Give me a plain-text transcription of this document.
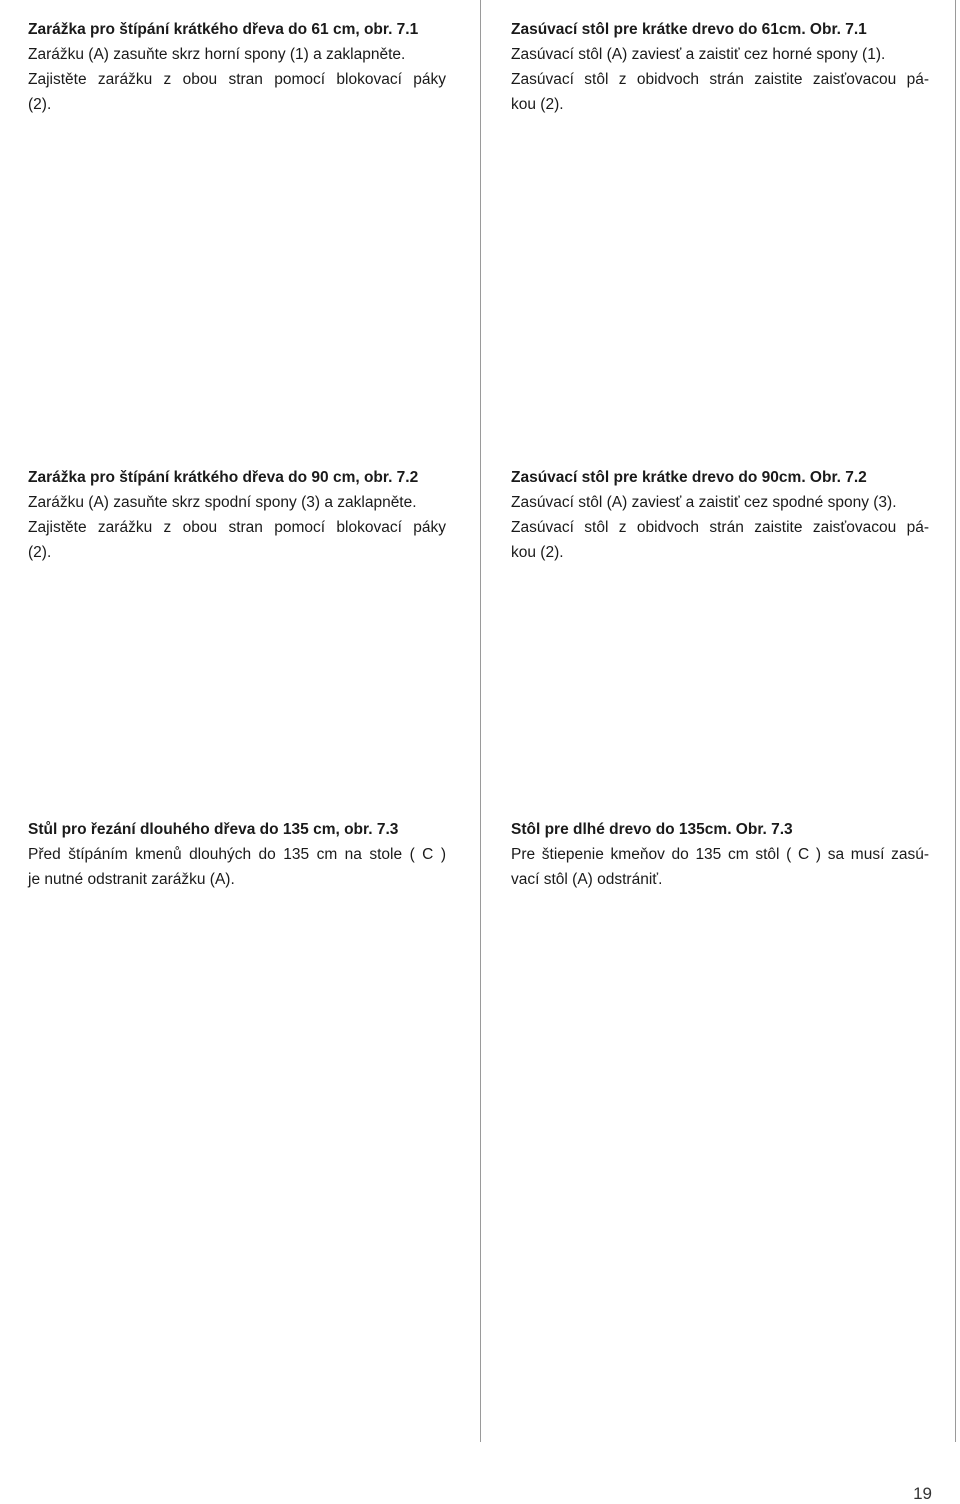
Zarážka pro štípání krátkého dřeva do 61 cm, obr. 7.1
Zarážku (A) zasuňte skrz horní spony (1) a zaklapněte.
Zajistěte zarážku z obou stran pomocí blokovací páky
(2).
Zasúvací stôl pre krátke drevo do 61cm. Obr. 7.1
Zasúvací stôl (A) zaviesť a zaistiť cez horné spony (1).
Zasúvací stôl z obidvoch strán zaistite zaisťovacou pá-
kou (2).
Zarážka pro štípání krátkého dřeva do 90 cm, obr. 7.2
Zarážku (A) zasuňte skrz spodní spony (3) a zaklapněte.
Zajistěte zarážku z obou stran pomocí blokovací páky
(2).
Zasúvací stôl pre krátke drevo do 90cm. Obr. 7.2
Zasúvací stôl (A) zaviesť a zaistiť cez spodné spony (3).
Zasúvací stôl z obidvoch strán zaistite zaisťovacou pá-
kou (2).
Stůl pro řezání dlouhého dřeva do 135 cm, obr. 7.3
Před štípáním kmenů dlouhých do 135 cm na stole ( C )
je nutné odstranit zarážku (A).
Stôl pre dlhé drevo do 135cm. Obr. 7.3
Pre štiepenie kmeňov do 135 cm stôl ( C ) sa musí zasú-
vací stôl (A) odstrániť.
19
